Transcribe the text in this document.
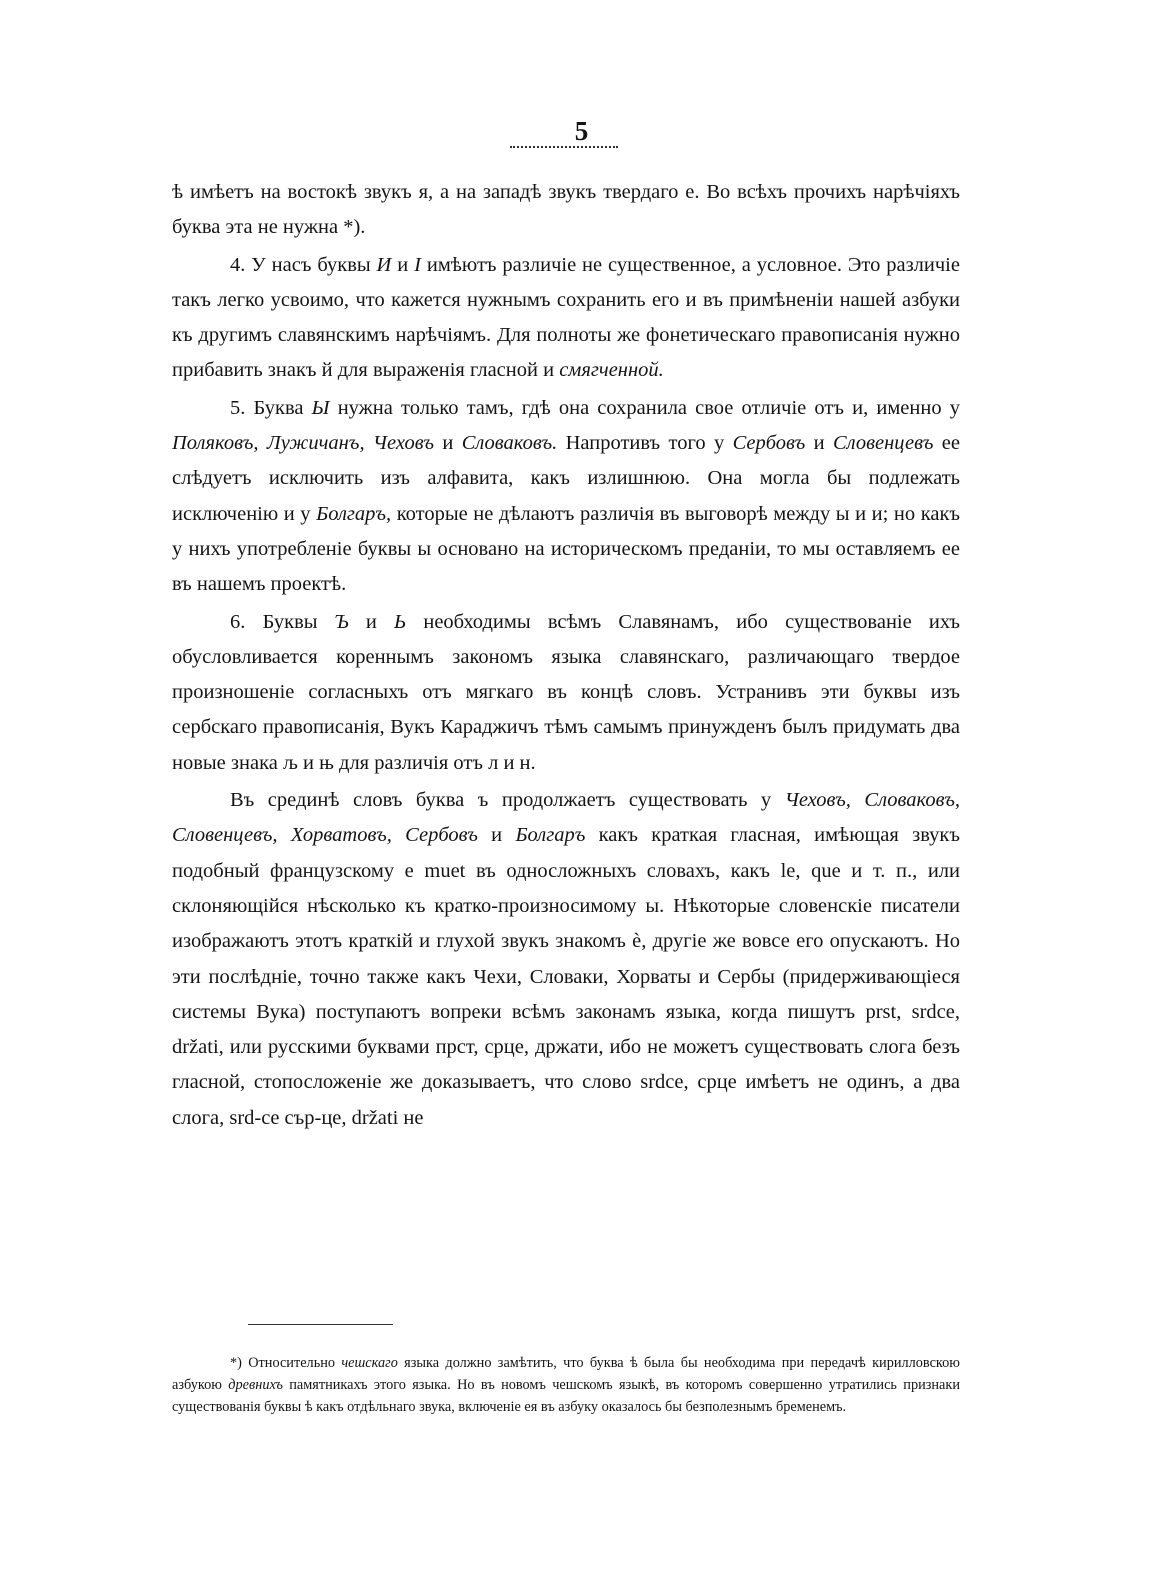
5

ѣ имѣетъ на востокѣ звукъ я, а на западѣ звукъ твердаго е. Во всѣхъ прочихъ нарѣчіяхъ буква эта не нужна *).

4. У насъ буквы И и I имѣютъ различіе не существенное, а условное. Это различіе такъ легко усвоимо, что кажется нужнымъ сохранить его и въ примѣненіи нашей азбуки къ другимъ славянскимъ нарѣчіямъ. Для полноты же фонетическаго правописанія нужно прибавить знакъ й для выраженія гласной и смягченной.

5. Буква Ы нужна только тамъ, гдѣ она сохранила свое отличіе отъ и, именно у Поляковъ, Лужичанъ, Чеховъ и Словаковъ. Напротивъ того у Сербовъ и Словенцевъ ее слѣдуетъ исключить изъ алфавита, какъ излишнюю. Она могла бы подлежать исключенію и у Болгаръ, которые не дѣлаютъ различія въ выговорѣ между ы и и; но какъ у нихъ употребленіе буквы ы основано на историческомъ преданіи, то мы оставляемъ ее въ нашемъ проектѣ.

6. Буквы Ъ и Ь необходимы всѣмъ Славянамъ, ибо существованіе ихъ обусловливается кореннымъ закономъ языка славянскаго, различающаго твердое произношеніе согласныхъ отъ мягкаго въ концѣ словъ. Устранивъ эти буквы изъ сербскаго правописанія, Вукъ Караджичъ тѣмъ самымъ принужденъ былъ придумать два новые знака љ и њ для различія отъ л и н.

Въ срединѣ словъ буква ъ продолжаетъ существовать у Чеховъ, Словаковъ, Словенцевъ, Хорватовъ, Сербовъ и Болгаръ какъ краткая гласная, имѣющая звукъ подобный французскому e muet въ односложныхъ словахъ, какъ le, que и т. п., или склоняющійся нѣсколько къ кратко-произносимому ы. Нѣкоторые словенскіе писатели изображаютъ этотъ краткій и глухой звукъ знакомъ ѐ, другіе же вовсе его опускаютъ. Но эти послѣдніе, точно также какъ Чехи, Словаки, Хорваты и Сербы (придерживающіеся системы Вука) поступаютъ вопреки всѣмъ законамъ языка, когда пишутъ prst, srdce, držati, или русскими буквами прст, срце, држати, ибо не можетъ существовать слога безъ гласной, стопосложеніе же доказываетъ, что слово srdce, срце имѣетъ не одинъ, а два слога, srd-ce сър-це, držati не

*) Относительно чешскаго языка должно замѣтить, что буква ѣ была бы необходима при передачѣ кирилловскою азбукою древнихъ памятникахъ этого языка. Но въ новомъ чешскомъ языкѣ, въ которомъ совершенно утратились признаки существованія буквы ѣ какъ отдѣльнаго звука, включеніе ея въ азбуку оказалось бы безполезнымъ бременемъ.
